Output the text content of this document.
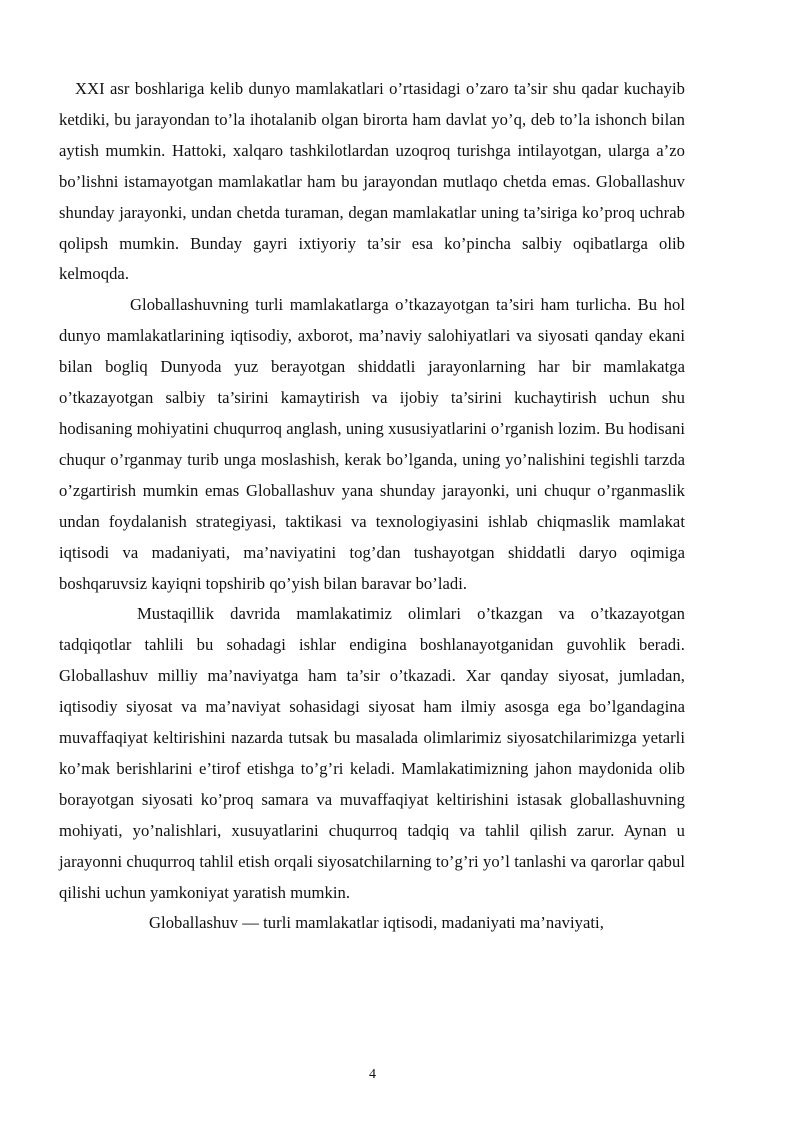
XXI asr boshlariga kelib dunyo mamlakatlari o’rtasidagi o’zaro ta’sir shu qadar kuchayib ketdiki, bu jarayondan to’la ihotalanib olgan birorta ham davlat yo’q, deb to’la ishonch bilan aytish mumkin. Hattoki, xalqaro tashkilotlardan uzoqroq turishga intilayotgan, ularga a’zo bo’lishni istamayotgan mamlakatlar ham bu jarayondan mutlaqo chetda emas. Globallashuv shunday jarayonki, undan chetda turaman, degan mamlakatlar uning ta’siriga ko’proq uchrab qolipsh mumkin. Bunday gayri ixtiyoriy ta’sir esa ko’pincha salbiy oqibatlarga olib kelmoqda.

Globallashuvning turli mamlakatlarga o’tkazayotgan ta’siri ham turlicha. Bu hol dunyo mamlakatlarining iqtisodiy, axborot, ma’naviy salohiyatlari va siyosati qanday ekani bilan bogliq Dunyoda yuz berayotgan shiddatli jarayonlarning har bir mamlakatga o’tkazayotgan salbiy ta’sirini kamaytirish va ijobiy ta’sirini kuchaytirish uchun shu hodisaning mohiyatini chuqurroq anglash, uning xususiyatlarini o’rganish lozim. Bu hodisani chuqur o’rganmay turib unga moslashish, kerak bo’lganda, uning yo’nalishini tegishli tarzda o’zgartirish mumkin emas Globallashuv yana shunday jarayonki, uni chuqur o’rganmaslik undan foydalanish strategiyasi, taktikasi va texnologiyasini ishlab chiqmaslik mamlakat iqtisodi va madaniyati, ma’naviyatini tog’dan tushayotgan shiddatli daryo oqimiga boshqaruvsiz kayiqni topshirib qo’yish bilan baravar bo’ladi.

Mustaqillik davrida mamlakatimiz olimlari o’tkazgan va o’tkazayotgan tadqiqotlar tahlili bu sohadagi ishlar endigina boshlanayotganidan guvohlik beradi. Globallashuv milliy ma’naviyatga ham ta’sir o’tkazadi. Xar qanday siyosat, jumladan, iqtisodiy siyosat va ma’naviyat sohasidagi siyosat ham ilmiy asosga ega bo’lgandagina muvaffaqiyat keltirishini nazarda tutsak bu masalada olimlarimiz siyosatchilarimizga yetarli ko’mak berishlarini e’tirof etishga to’g’ri keladi. Mamlakatimizning jahon maydonida olib borayotgan siyosati ko’proq samara va muvaffaqiyat keltirishini istasak globallashuvning mohiyati, yo’nalishlari, xusuyatlarini chuqurroq tadqiq va tahlil qilish zarur. Aynan u jarayonni chuqurroq tahlil etish orqali siyosatchilarning to’g’ri yo’l tanlashi va qarorlar qabul qilishi uchun yamkoniyat yaratish mumkin.

Globallashuv — turli mamlakatlar iqtisodi, madaniyati ma’naviyati,

4
